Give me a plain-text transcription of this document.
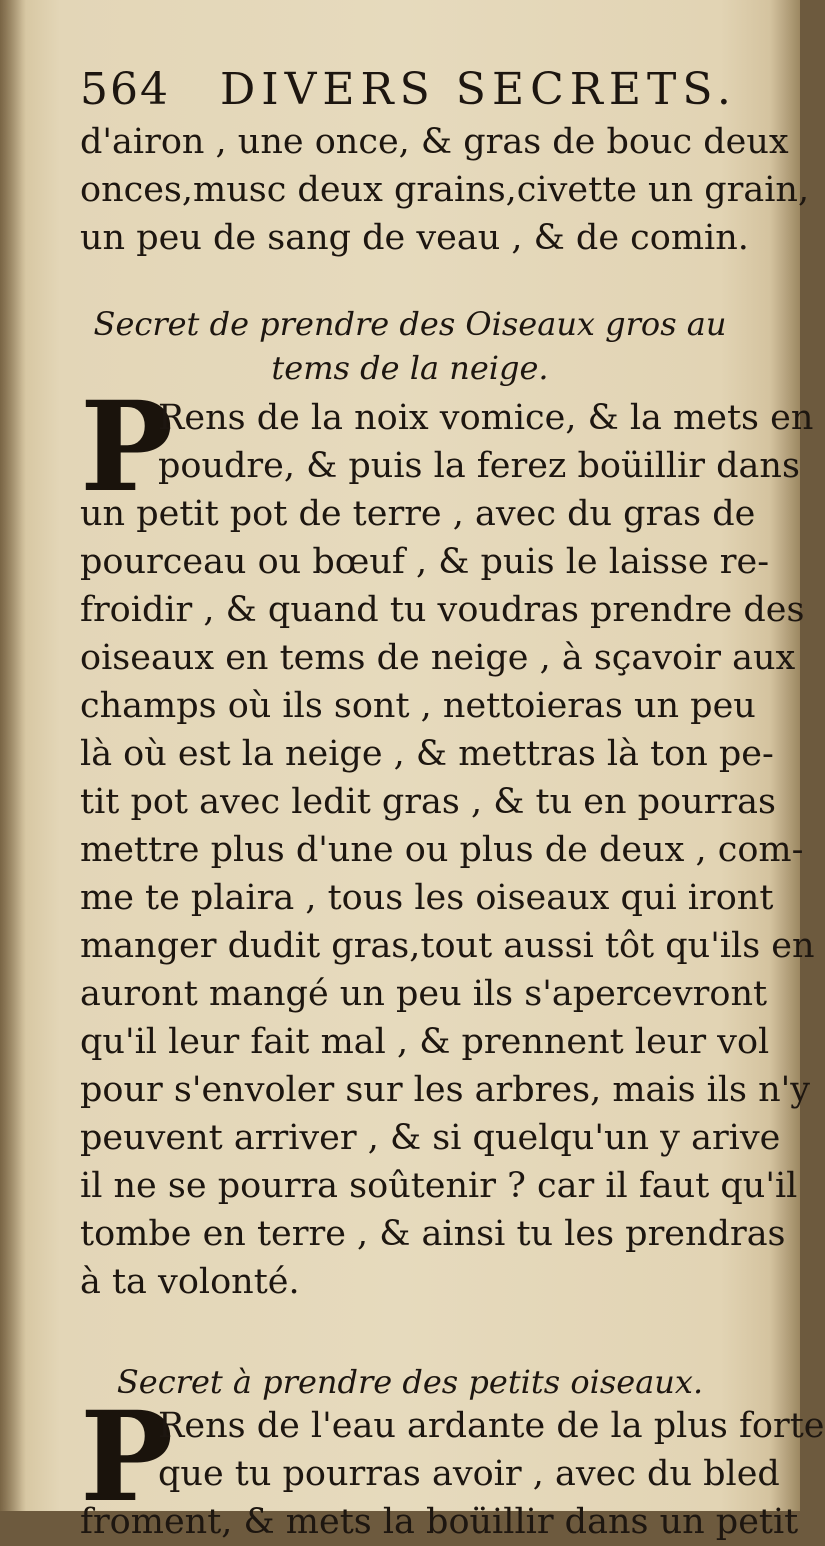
564 DIVERS SECRETS.
d'airon , une once, & gras de bouc deux
onces,musc deux grains,civette un grain,
un peu de sang de veau , & de comin.
Secret de prendre des Oiseaux gros au
tems de la neige.
P
Rens de la noix vomice, & la mets en
poudre, & puis la ferez boüillir dans
un petit pot de terre , avec du gras de
pourceau ou bœuf , & puis le laisse re-
froidir , & quand tu voudras prendre des
oiseaux en tems de neige , à sçavoir aux
champs où ils sont , nettoieras un peu
là où est la neige , & mettras là ton pe-
tit pot avec ledit gras , & tu en pourras
mettre plus d'une ou plus de deux , com-
me te plaira , tous les oiseaux qui iront
manger dudit gras,tout aussi tôt qu'ils en
auront mangé un peu ils s'apercevront
qu'il leur fait mal , & prennent leur vol
pour s'envoler sur les arbres, mais ils n'y
peuvent arriver , & si quelqu'un y arive
il ne se pourra soûtenir ? car il faut qu'il
tombe en terre , & ainsi tu les prendras
à ta volonté.
Secret à prendre des petits oiseaux.
P
Rens de l'eau ardante de la plus forte
que tu pourras avoir , avec du bled
froment, & mets la boüillir dans un petit
